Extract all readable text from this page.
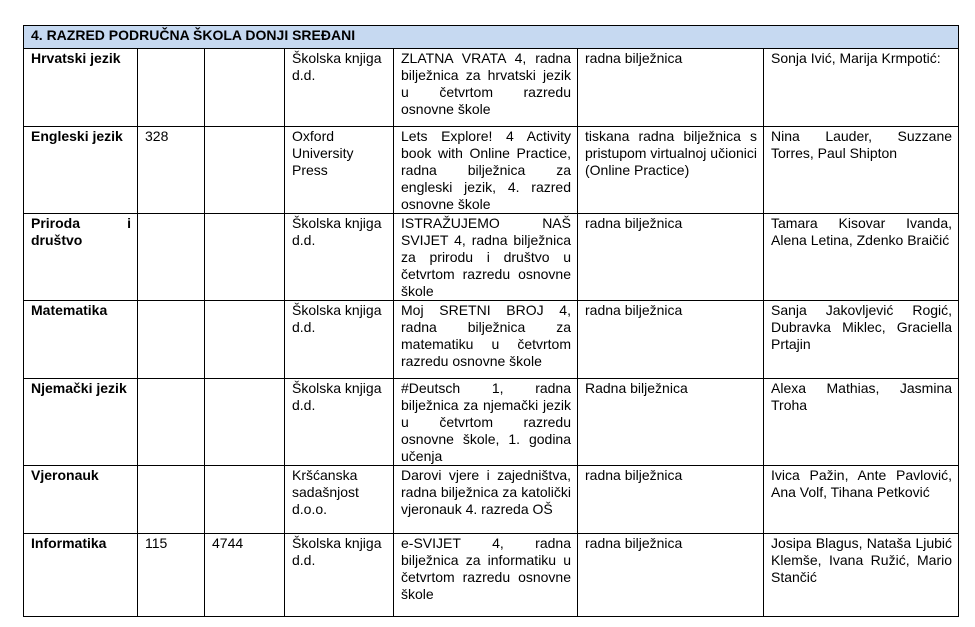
4. RAZRED PODRUČNA ŠKOLA DONJI SREĐANI						
Hrvatski jezik			Školska knjiga d.d.	ZLATNA VRATA 4, radna bilježnica za hrvatski jezik u četvrtom razredu osnovne škole	radna bilježnica	Sonja Ivić, Marija Krmpotić:
Engleski jezik	328		Oxford University Press	Lets Explore! 4 Activity book with Online Practice, radna bilježnica za engleski jezik, 4. razred osnovne škole	tiskana radna bilježnica s pristupom virtualnoj učionici (Online Practice)	Nina Lauder, Suzzane Torres, Paul Shipton
Priroda i društvo			Školska knjiga d.d.	ISTRAŽUJEMO NAŠ SVIJET 4, radna bilježnica za prirodu i društvo u četvrtom razredu osnovne škole	radna bilježnica	Tamara Kisovar Ivanda, Alena Letina, Zdenko Braičić
Matematika			Školska knjiga d.d.	Moj SRETNI BROJ 4, radna bilježnica za matematiku u četvrtom razredu osnovne škole	radna bilježnica	Sanja Jakovljević Rogić, Dubravka Miklec, Graciella Prtajin
Njemački jezik			Školska knjiga d.d.	#Deutsch 1, radna bilježnica za njemački jezik u četvrtom razredu osnovne škole, 1. godina učenja	Radna bilježnica	Alexa Mathias, Jasmina Troha
Vjeronauk			Kršćanska sadašnjost d.o.o.	Darovi vjere i zajedništva, radna bilježnica za katolički vjeronauk 4. razreda OŠ	radna bilježnica	Ivica Pažin, Ante Pavlović, Ana Volf, Tihana Petković
Informatika	115	4744	Školska knjiga d.d.	e-SVIJET 4, radna bilježnica za informatiku u četvrtom razredu osnovne škole	radna bilježnica	Josipa Blagus, Nataša Ljubić Klemše, Ivana Ružić, Mario Stančić
